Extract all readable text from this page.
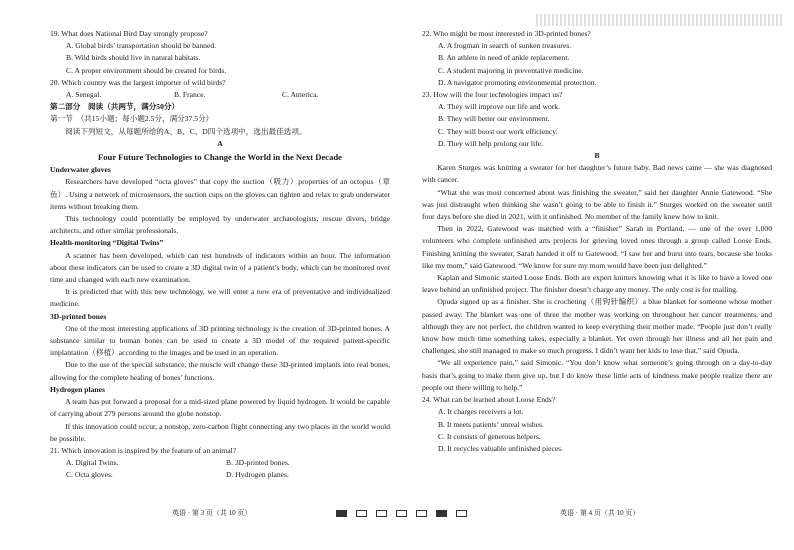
19. What does National Bird Day strongly propose?

A. Global birds’ transportation should be banned.

B. Wild birds should live in natural habitats.

C. A proper environment should be created for birds.

20. Which country was the largest importer of wild birds?

A. Senegal.	B. France.	C. America.

第二部分　阅读（共两节，满分50分）

第一节　（共15小题；每小题2.5分，满分37.5分）

阅读下列短文，从每题所给的A、B、C、D四个选项中，选出最佳选项。

A

Four Future Technologies to Change the World in the Next Decade

Underwater gloves

Researchers have developed “octa gloves” that copy the suction（吸力）properties of an octopus（章鱼）. Using a network of microsensors, the suction cups on the gloves can tighten and relax to grab underwater items without breaking them.

This technology could potentially be employed by underwater archaeologists, rescue divers, bridge architects, and other similar professionals.

Health-monitoring “Digital Twins”

A scanner has been developed, which can test hundreds of indicators within an hour. The information about these indicators can be used to create a 3D digital twin of a patient’s body, which can be monitored over time and changed with each new examination.

It is predicted that with this new technology, we will enter a new era of preventative and individualized medicine.

3D-printed bones

One of the most interesting applications of 3D printing technology is the creation of 3D-printed bones. A substance similar to human bones can be used to create a 3D model of the required patient-specific implantation（移植）according to the images and be used in an operation.

Due to the use of the special substance, the muscle will change these 3D-printed implants into real bones, allowing for the complete healing of bones’ functions.

Hydrogen planes

A team has put forward a proposal for a mid-sized plane powered by liquid hydrogen. It would be capable of carrying about 279 persons around the globe nonstop.

If this innovation could occur, a nonstop, zero-carbon flight connecting any two places in the world would be possible.

21. Which innovation is inspired by the feature of an animal?

A. Digital Twins.	B. 3D-printed bones.
C. Octa gloves.	D. Hydrogen planes.

22. Who might be most interested in 3D-printed bones?

A. A frogman in search of sunken treasures.

B. An athlete in need of ankle replacement.

C. A student majoring in preventative medicine.

D. A navigator promoting environmental protection.

23. How will the four technologies impact us?

A. They will improve our life and work.

B. They will better our environment.

C. They will boost our work efficiency.

D. They will help prolong our life.

B

Karen Sturges was knitting a sweater for her daughter’s future baby. Bad news came — she was diagnosed with cancer.

“What she was most concerned about was finishing the sweater,” said her daughter Annie Gatewood. “She was just distraught when thinking she wasn’t going to be able to finish it.” Sturges worked on the sweater until four days before she died in 2021, with it unfinished. No member of the family knew how to knit.

Then in 2022, Gatewood was matched with a “finisher” Sarah in Portland, — one of the over 1,000 volunteers who complete unfinished arts projects for grieving loved ones through a group called Loose Ends. Finishing knitting the sweater, Sarah handed it off to Gatewood. “I saw her and burst into tears, because she looks like my mom,” said Gatewood. “We know for sure my mom would have been just delighted.”

Kaplan and Simonic started Loose Ends. Both are expert knitters knowing what it is like to have a loved one leave behind an unfinished project. The finisher doesn’t charge any money. The only cost is for mailing.

Opuda signed up as a finisher. She is crocheting（用钩针编织）a blue blanket for someone whose mother passed away. The blanket was one of three the mother was working on throughout her cancer treatments, and although they are not perfect, the children wanted to keep everything their mother made. “People just don’t really know how much time something takes, especially a blanket. Yet even through her illness and all her pain and challenges, she still managed to make so much progress. I didn’t want her kids to lose that,” said Opuda.

“We all experience pain,” said Simonic. “You don’t know what someone’s going through on a day-to-day basis that’s going to make them give up, but I do know these little acts of kindness make people realize there are people out there willing to help.”

24. What can be learned about Loose Ends?

A. It charges receivers a lot.

B. It meets patients’ unreal wishes.

C. It consists of generous helpers.

D. It recycles valuable unfinished pieces.

英语 · 第 3 页（共 10 页）	英语 · 第 4 页（共 10 页）
